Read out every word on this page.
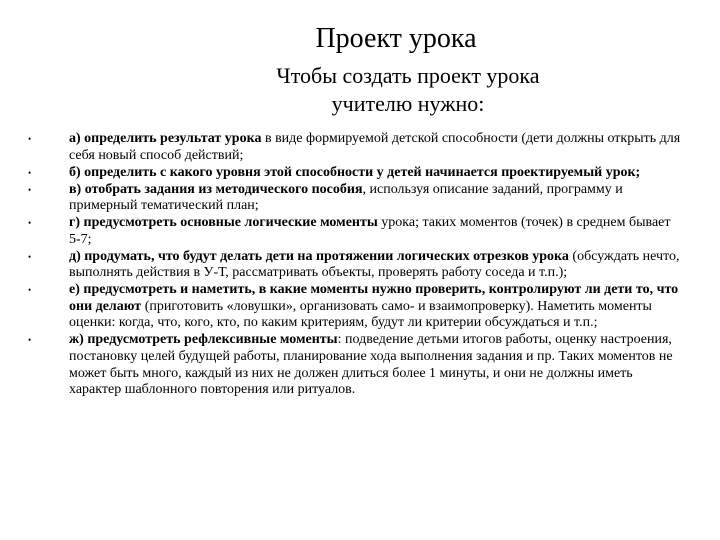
Проект урока
Чтобы создать проект урока
учителю нужно:
•	а) определить результат урока в виде формируемой детской способности (дети должны открыть для себя новый способ действий;
•	б) определить с какого уровня этой способности у детей начинается проектируемый урок;
•	в) отобрать задания из методического пособия, используя описание заданий, программу и примерный тематический план;
•	г) предусмотреть основные логические моменты урока; таких моментов (точек) в среднем бывает 5-7;
•	д) продумать, что будут делать дети на протяжении логических отрезков урока (обсуждать нечто, выполнять действия в У-Т, рассматривать объекты, проверять работу соседа и т.п.);
•	е) предусмотреть и наметить, в какие моменты нужно проверить, контролируют ли дети то, что они делают (приготовить «ловушки», организовать само- и взаимопроверку). Наметить моменты оценки: когда, что, кого, кто, по каким критериям, будут ли критерии обсуждаться и т.п.;
•	ж) предусмотреть рефлексивные моменты: подведение детьми итогов работы, оценку настроения, постановку целей будущей работы, планирование хода выполнения задания и пр. Таких моментов не может быть много, каждый из них не должен длиться более 1 минуты, и они не должны иметь характер шаблонного повторения или ритуалов.
